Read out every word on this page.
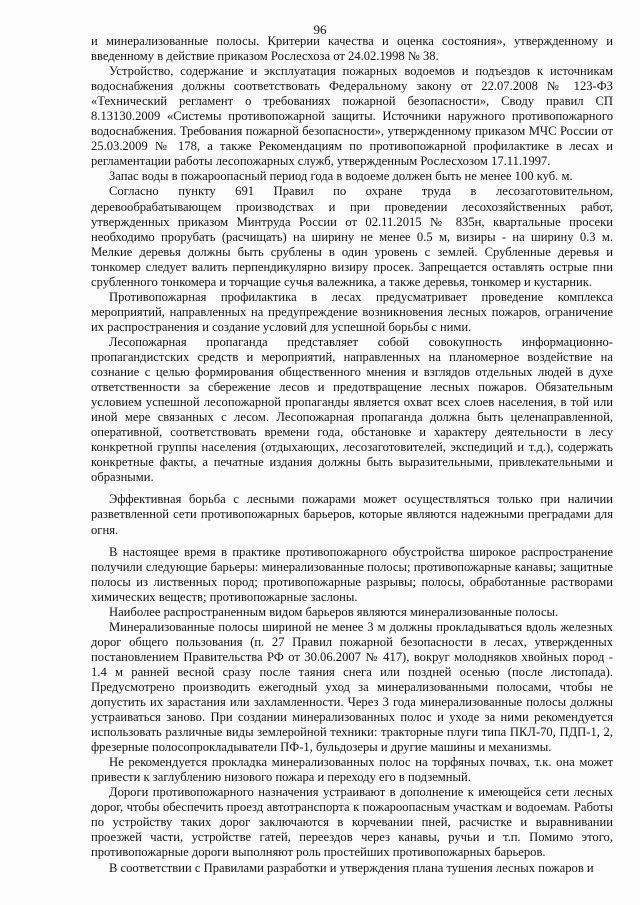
96

и минерализованные полосы. Критерии качества и оценка состояния», утвержденному и введенному в действие приказом Рослесхоза от 24.02.1998 № 38.

Устройство, содержание и эксплуатация пожарных водоемов и подъездов к источникам водоснабжения должны соответствовать Федеральному закону от 22.07.2008 № 123-ФЗ «Технический регламент о требованиях пожарной безопасности», Своду правил СП 8.13130.2009 «Системы противопожарной защиты. Источники наружного противопожарного водоснабжения. Требования пожарной безопасности», утвержденному приказом МЧС России от 25.03.2009 № 178, а также Рекомендациям по противопожарной профилактике в лесах и регламентации работы лесопожарных служб, утвержденным Рослесхозом 17.11.1997.

Запас воды в пожароопасный период года в водоеме должен быть не менее 100 куб. м.

Согласно пункту 691 Правил по охране труда в лесозаготовительном, деревообрабатывающем производствах и при проведении лесохозяйственных работ, утвержденных приказом Минтруда России от 02.11.2015 № 835н, квартальные просеки необходимо прорубать (расчищать) на ширину не менее 0.5 м, визиры - на ширину 0.3 м. Мелкие деревья должны быть срублены в один уровень с землей. Срубленные деревья и тонкомер следует валить перпендикулярно визиру просек. Запрещается оставлять острые пни срубленного тонкомера и торчащие сучья валежника, а также деревья, тонкомер и кустарник.

Противопожарная профилактика в лесах предусматривает проведение комплекса мероприятий, направленных на предупреждение возникновения лесных пожаров, ограничение их распространения и создание условий для успешной борьбы с ними.

Лесопожарная пропаганда представляет собой совокупность информационно-пропагандистских средств и мероприятий, направленных на планомерное воздействие на сознание с целью формирования общественного мнения и взглядов отдельных людей в духе ответственности за сбережение лесов и предотвращение лесных пожаров. Обязательным условием успешной лесопожарной пропаганды является охват всех слоев населения, в той или иной мере связанных с лесом. Лесопожарная пропаганда должна быть целенаправленной, оперативной, соответствовать времени года, обстановке и характеру деятельности в лесу конкретной группы населения (отдыхающих, лесозаготовителей, экспедиций и т.д.), содержать конкретные факты, а печатные издания должны быть выразительными, привлекательными и образными.

Эффективная борьба с лесными пожарами может осуществляться только при наличии разветвленной сети противопожарных барьеров, которые являются надежными преградами для огня.

В настоящее время в практике противопожарного обустройства широкое распространение получили следующие барьеры: минерализованные полосы; противопожарные канавы; защитные полосы из лиственных пород; противопожарные разрывы; полосы, обработанные растворами химических веществ; противопожарные заслоны.

Наиболее распространенным видом барьеров являются минерализованные полосы.

Минерализованные полосы шириной не менее 3 м должны прокладываться вдоль железных дорог общего пользования (п. 27 Правил пожарной безопасности в лесах, утвержденных постановлением Правительства РФ от 30.06.2007 № 417), вокруг молодняков хвойных пород - 1.4 м ранней весной сразу после таяния снега или поздней осенью (после листопада). Предусмотрено производить ежегодный уход за минерализованными полосами, чтобы не допустить их зарастания или захламленности. Через 3 года минерализованные полосы должны устраиваться заново. При создании минерализованных полос и уходе за ними рекомендуется использовать различные виды землеройной техники: тракторные плуги типа ПКЛ-70, ПДП-1, 2, фрезерные полосопрокладыватели ПФ-1, бульдозеры и другие машины и механизмы.

Не рекомендуется прокладка минерализованных полос на торфяных почвах, т.к. она может привести к заглублению низового пожара и переходу его в подземный.

Дороги противопожарного назначения устраивают в дополнение к имеющейся сети лесных дорог, чтобы обеспечить проезд автотранспорта к пожароопасным участкам и водоемам. Работы по устройству таких дорог заключаются в корчевании пней, расчистке и выравнивании проезжей части, устройстве гатей, переездов через канавы, ручьи и т.п. Помимо этого, противопожарные дороги выполняют роль простейших противопожарных барьеров.

В соответствии с Правилами разработки и утверждения плана тушения лесных пожаров и
